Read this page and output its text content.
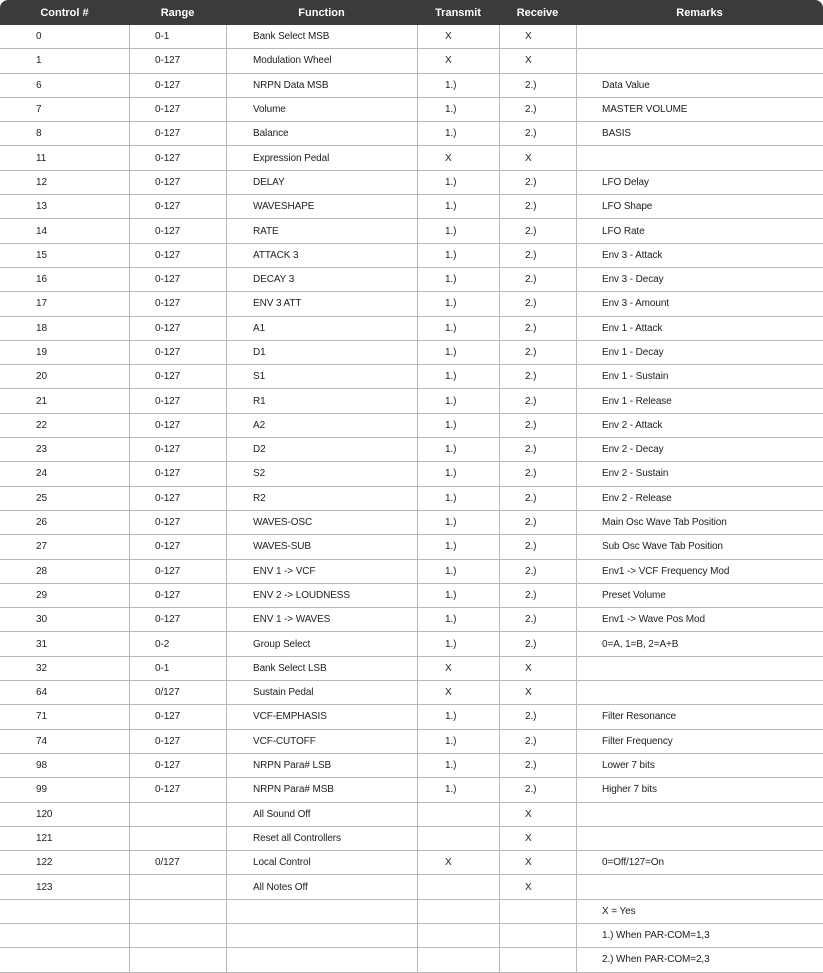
Control #	Range	Function	Transmit	Receive	Remarks
0	0-1	Bank Select MSB	X	X	
1	0-127	Modulation Wheel	X	X	
6	0-127	NRPN Data MSB	1.)	2.)	Data Value
7	0-127	Volume	1.)	2.)	MASTER VOLUME
8	0-127	Balance	1.)	2.)	BASIS
11	0-127	Expression Pedal	X	X	
12	0-127	DELAY	1.)	2.)	LFO Delay
13	0-127	WAVESHAPE	1.)	2.)	LFO Shape
14	0-127	RATE	1.)	2.)	LFO Rate
15	0-127	ATTACK 3	1.)	2.)	Env 3 - Attack
16	0-127	DECAY 3	1.)	2.)	Env 3 - Decay
17	0-127	ENV 3 ATT	1.)	2.)	Env 3 - Amount
18	0-127	A1	1.)	2.)	Env 1 - Attack
19	0-127	D1	1.)	2.)	Env 1 - Decay
20	0-127	S1	1.)	2.)	Env 1 - Sustain
21	0-127	R1	1.)	2.)	Env 1 - Release
22	0-127	A2	1.)	2.)	Env 2 - Attack
23	0-127	D2	1.)	2.)	Env 2 - Decay
24	0-127	S2	1.)	2.)	Env 2 - Sustain
25	0-127	R2	1.)	2.)	Env 2 - Release
26	0-127	WAVES-OSC	1.)	2.)	Main Osc Wave Tab Position
27	0-127	WAVES-SUB	1.)	2.)	Sub Osc Wave Tab Position
28	0-127	ENV 1 -> VCF	1.)	2.)	Env1 -> VCF Frequency Mod
29	0-127	ENV 2 -> LOUDNESS	1.)	2.)	Preset Volume
30	0-127	ENV 1 -> WAVES	1.)	2.)	Env1 -> Wave Pos Mod
31	0-2	Group Select	1.)	2.)	0=A, 1=B, 2=A+B
32	0-1	Bank Select LSB	X	X	
64	0/127	Sustain Pedal	X	X	
71	0-127	VCF-EMPHASIS	1.)	2.)	Filter Resonance
74	0-127	VCF-CUTOFF	1.)	2.)	Filter Frequency
98	0-127	NRPN Para# LSB	1.)	2.)	Lower 7 bits
99	0-127	NRPN Para# MSB	1.)	2.)	Higher 7 bits
120		All Sound Off		X	
121		Reset all Controllers		X	
122	0/127	Local Control	X	X	0=Off/127=On
123		All Notes Off		X	
					X = Yes
					1.) When PAR-COM=1,3
					2.) When PAR-COM=2,3
